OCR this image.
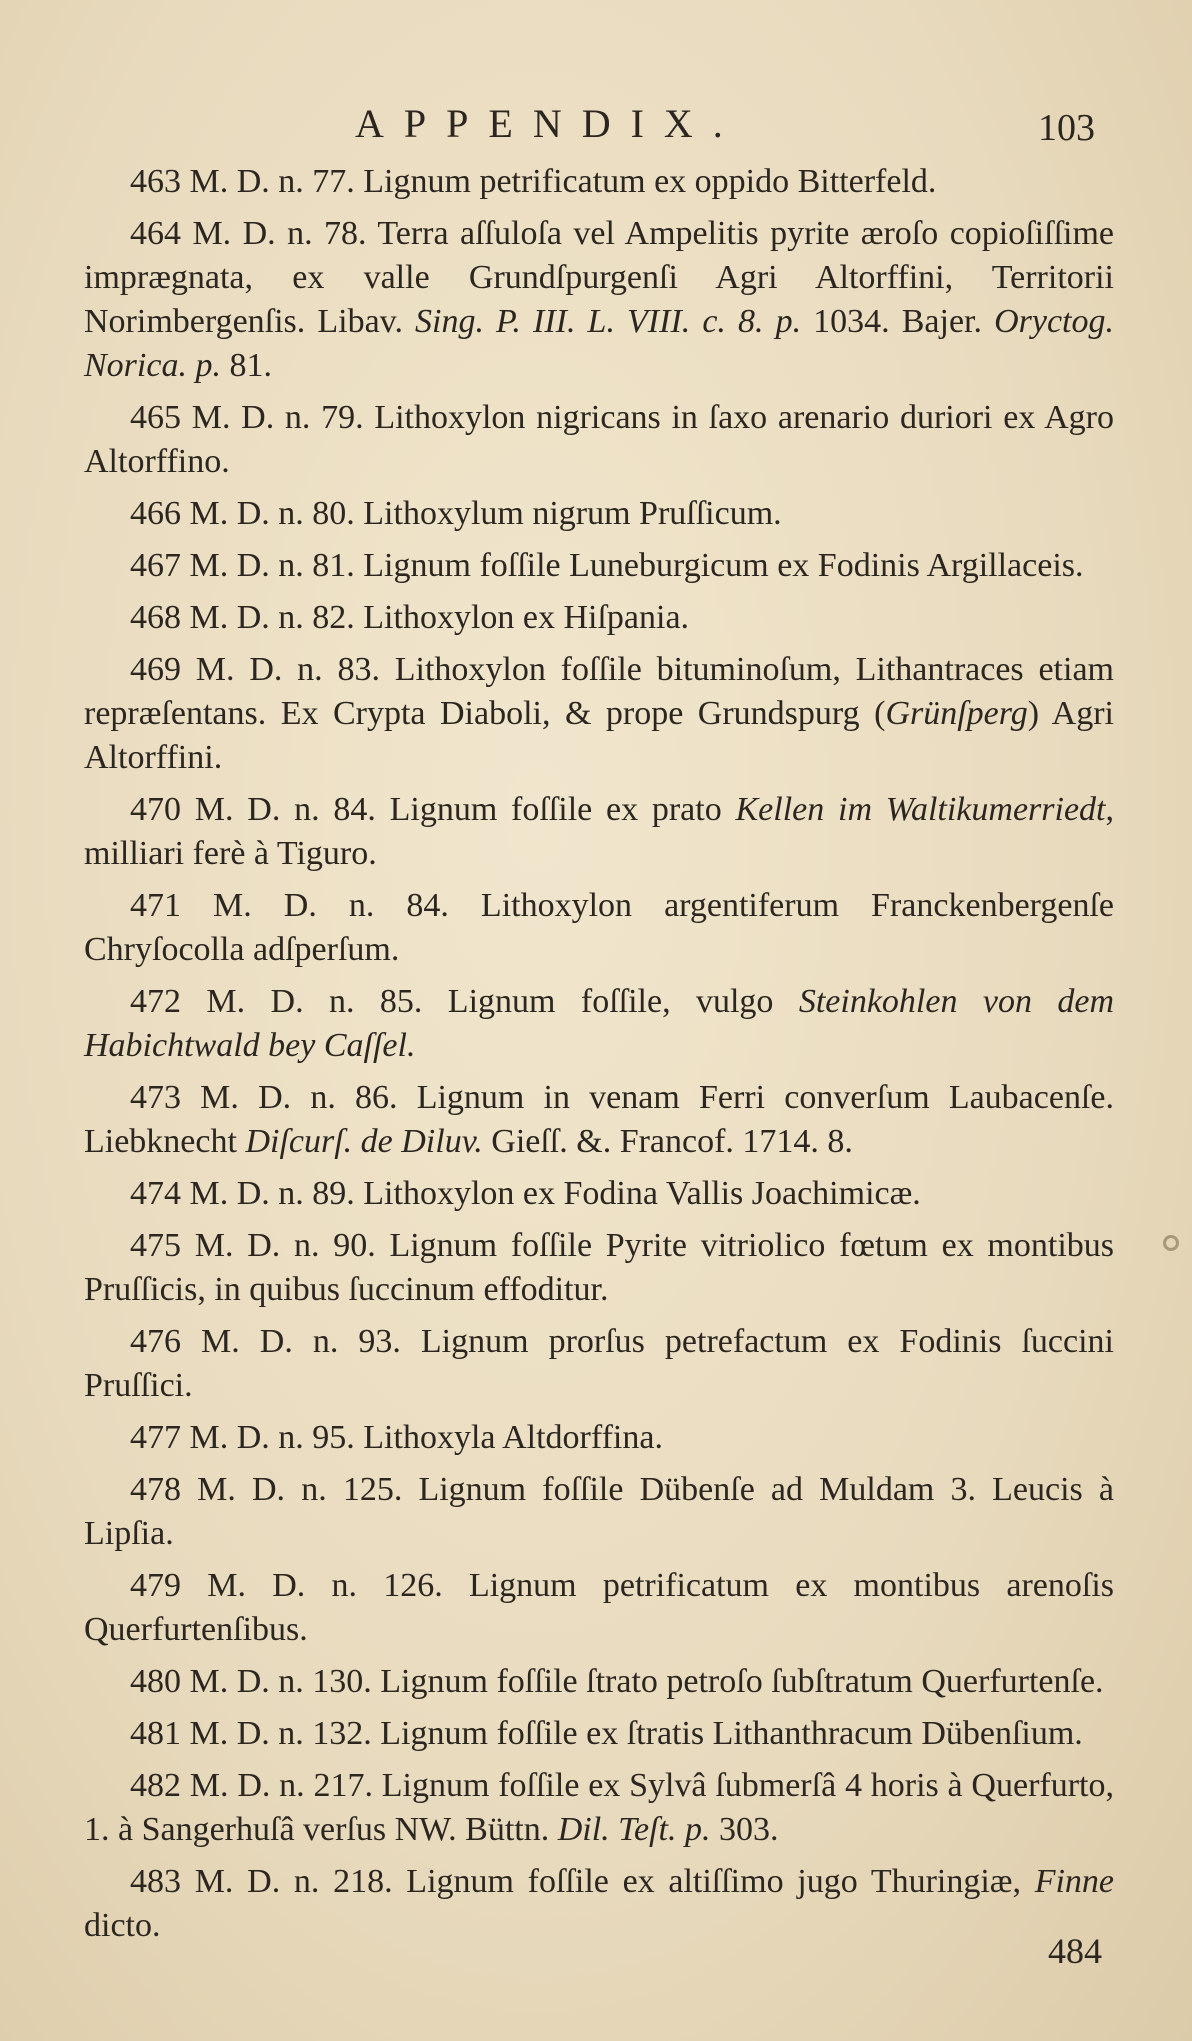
APPENDIX.	103

463 M. D. n. 77. Lignum petrificatum ex oppido Bitterfeld.

464 M. D. n. 78. Terra aſſuloſa vel Ampelitis pyrite æroſo copioſiſſime imprægnata, ex valle Grundſpurgenſi Agri Altorffini, Territorii Norimbergenſis. Libav. Sing. P. III. L. VIII. c. 8. p. 1034. Bajer. Oryctog. Norica. p. 81.

465 M. D. n. 79. Lithoxylon nigricans in ſaxo arenario duriori ex Agro Altorffino.

466 M. D. n. 80. Lithoxylum nigrum Pruſſicum.

467 M. D. n. 81. Lignum foſſile Luneburgicum ex Fodinis Argillaceis.

468 M. D. n. 82. Lithoxylon ex Hiſpania.

469 M. D. n. 83. Lithoxylon foſſile bituminoſum, Lithantraces etiam repræſentans. Ex Crypta Diaboli, & prope Grundspurg (Grünſperg) Agri Altorffini.

470 M. D. n. 84. Lignum foſſile ex prato Kellen im Waltikumerriedt, milliari ferè à Tiguro.

471 M. D. n. 84. Lithoxylon argentiferum Franckenbergenſe Chryſocolla adſperſum.

472 M. D. n. 85. Lignum foſſile, vulgo Steinkohlen von dem Habichtwald bey Caſſel.

473 M. D. n. 86. Lignum in venam Ferri converſum Laubacenſe. Liebknecht Diſcurſ. de Diluv. Gieſſ. &. Francof. 1714. 8.

474 M. D. n. 89. Lithoxylon ex Fodina Vallis Joachimicæ.

475 M. D. n. 90. Lignum foſſile Pyrite vitriolico fœtum ex montibus Pruſſicis, in quibus ſuccinum effoditur.

476 M. D. n. 93. Lignum prorſus petrefactum ex Fodinis ſuccini Pruſſici.

477 M. D. n. 95. Lithoxyla Altdorffina.

478 M. D. n. 125. Lignum foſſile Dübenſe ad Muldam 3. Leucis à Lipſia.

479 M. D. n. 126. Lignum petrificatum ex montibus arenoſis Querfurtenſibus.

480 M. D. n. 130. Lignum foſſile ſtrato petroſo ſubſtratum Querfurtenſe.

481 M. D. n. 132. Lignum foſſile ex ſtratis Lithanthracum Dübenſium.

482 M. D. n. 217. Lignum foſſile ex Sylvâ ſubmerſâ 4 horis à Querfurto, 1. à Sangerhuſâ verſus NW. Büttn. Dil. Teſt. p. 303.

483 M. D. n. 218. Lignum foſſile ex altiſſimo jugo Thuringiæ, Finne dicto.

484
